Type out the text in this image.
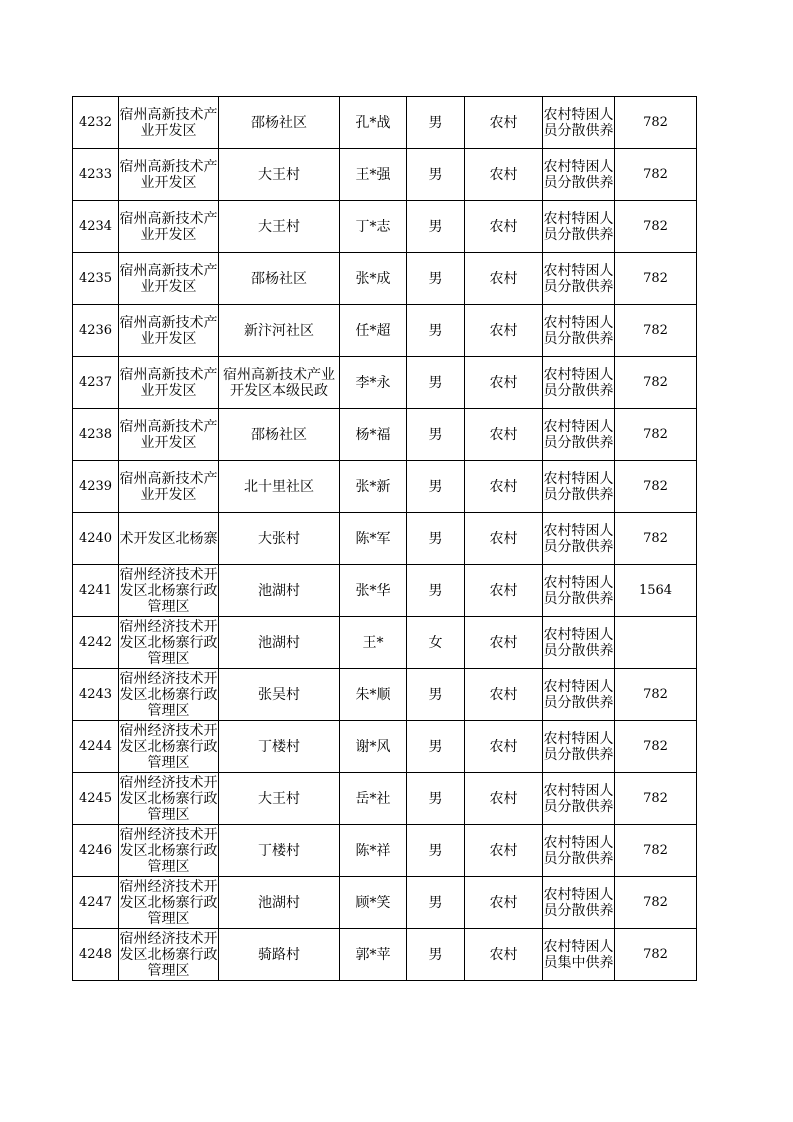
4232	宿州高新技术产业开发区	邵杨社区	孔*战	男	农村	农村特困人员分散供养	782

4233	宿州高新技术产业开发区	大王村	王*强	男	农村	农村特困人员分散供养	782

4234	宿州高新技术产业开发区	大王村	丁*志	男	农村	农村特困人员分散供养	782

4235	宿州高新技术产业开发区	邵杨社区	张*成	男	农村	农村特困人员分散供养	782

4236	宿州高新技术产业开发区	新汴河社区	任*超	男	农村	农村特困人员分散供养	782

4237	宿州高新技术产业开发区	宿州高新技术产业开发区本级民政	李*永	男	农村	农村特困人员分散供养	782

4238	宿州高新技术产业开发区	邵杨社区	杨*福	男	农村	农村特困人员分散供养	782

4239	宿州高新技术产业开发区	北十里社区	张*新	男	农村	农村特困人员分散供养	782

4240	术开发区北杨寨	大张村	陈*军	男	农村	农村特困人员分散供养	782

4241	宿州经济技术开发区北杨寨行政管理区	池湖村	张*华	男	农村	农村特困人员分散供养	1564

4242	宿州经济技术开发区北杨寨行政管理区	池湖村	王*	女	农村	农村特困人员分散供养	

4243	宿州经济技术开发区北杨寨行政管理区	张吴村	朱*顺	男	农村	农村特困人员分散供养	782

4244	宿州经济技术开发区北杨寨行政管理区	丁楼村	谢*风	男	农村	农村特困人员分散供养	782

4245	宿州经济技术开发区北杨寨行政管理区	大王村	岳*社	男	农村	农村特困人员分散供养	782

4246	宿州经济技术开发区北杨寨行政管理区	丁楼村	陈*祥	男	农村	农村特困人员分散供养	782

4247	宿州经济技术开发区北杨寨行政管理区	池湖村	顾*笑	男	农村	农村特困人员分散供养	782

4248	宿州经济技术开发区北杨寨行政管理区	骑路村	郭*苹	男	农村	农村特困人员集中供养	782
